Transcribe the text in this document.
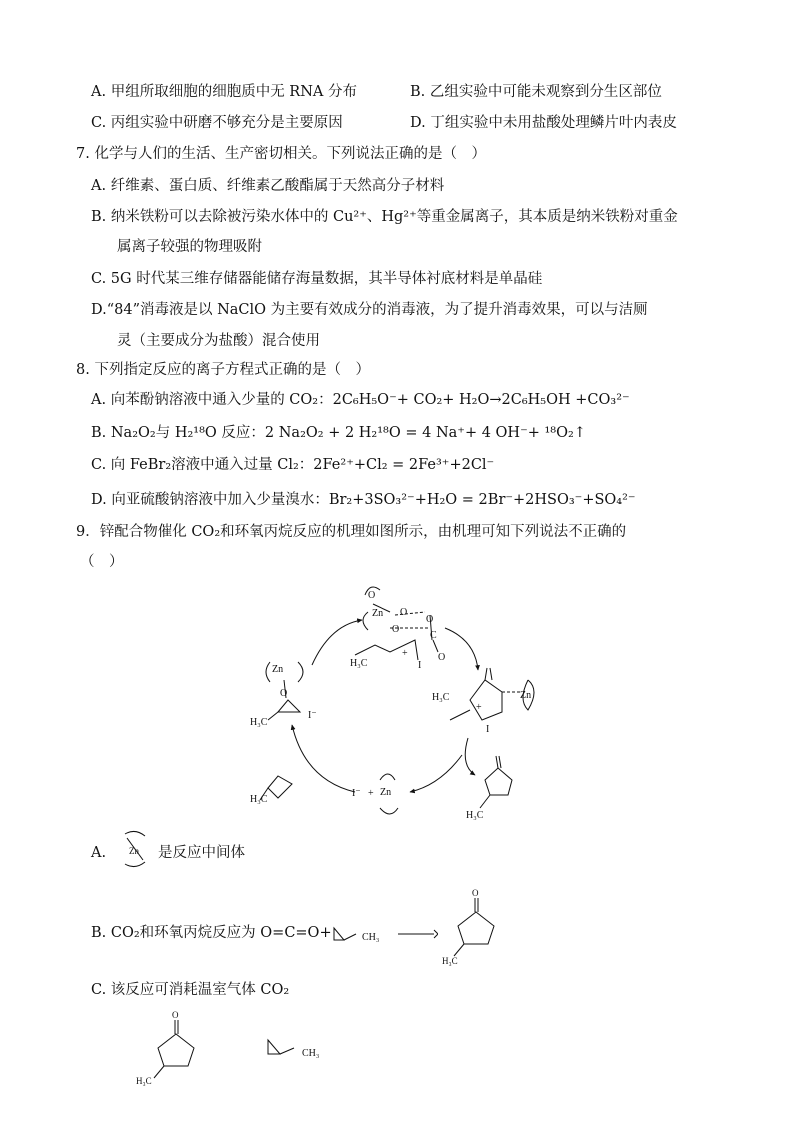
A. 甲组所取细胞的细胞质中无 RNA 分布	B. 乙组实验中可能未观察到分生区部位
C. 丙组实验中研磨不够充分是主要原因	D. 丁组实验中未用盐酸处理鳞片叶内表皮
7. 化学与人们的生活、生产密切相关。下列说法正确的是（　）
A. 纤维素、蛋白质、纤维素乙酸酯属于天然高分子材料
B. 纳米铁粉可以去除被污染水体中的 Cu²⁺、Hg²⁺等重金属离子，其本质是纳米铁粉对重金
属离子较强的物理吸附
C. 5G 时代某三维存储器能储存海量数据，其半导体衬底材料是单晶硅
D.“84”消毒液是以 NaClO 为主要有效成分的消毒液，为了提升消毒效果，可以与洁厕
灵（主要成分为盐酸）混合使用
8. 下列指定反应的离子方程式正确的是（　）
A. 向苯酚钠溶液中通入少量的 CO₂：2C₆H₅O⁻+ CO₂+ H₂O→2C₆H₅OH +CO₃²⁻
B. Na₂O₂与 H₂¹⁸O 反应：2 Na₂O₂ + 2 H₂¹⁸O = 4 Na⁺+ 4 OH⁻+ ¹⁸O₂↑
C. 向 FeBr₂溶液中通入过量 Cl₂：2Fe²⁺+Cl₂ = 2Fe³⁺+2Cl⁻
D. 向亚硫酸钠溶液中加入少量溴水：Br₂+3SO₃²⁻+H₂O = 2Br⁻+2HSO₃⁻+SO₄²⁻
9．锌配合物催化 CO₂和环氧丙烷反应的机理如图所示，由机理可知下列说法不正确的
（　）
O
Zn O
O
O
C
O
H₃C
+
I
Zn
O
H₃C
I⁻
H₃C
+
I
Zn
I⁻ + Zn
H₃C
H₃C
A.	Zn 是反应中间体
B. CO₂和环氧丙烷反应为 O=C=O+	CH₃ →
O
H₃C
C. 该反应可消耗温室气体 CO₂
O
H₃C
CH₃
